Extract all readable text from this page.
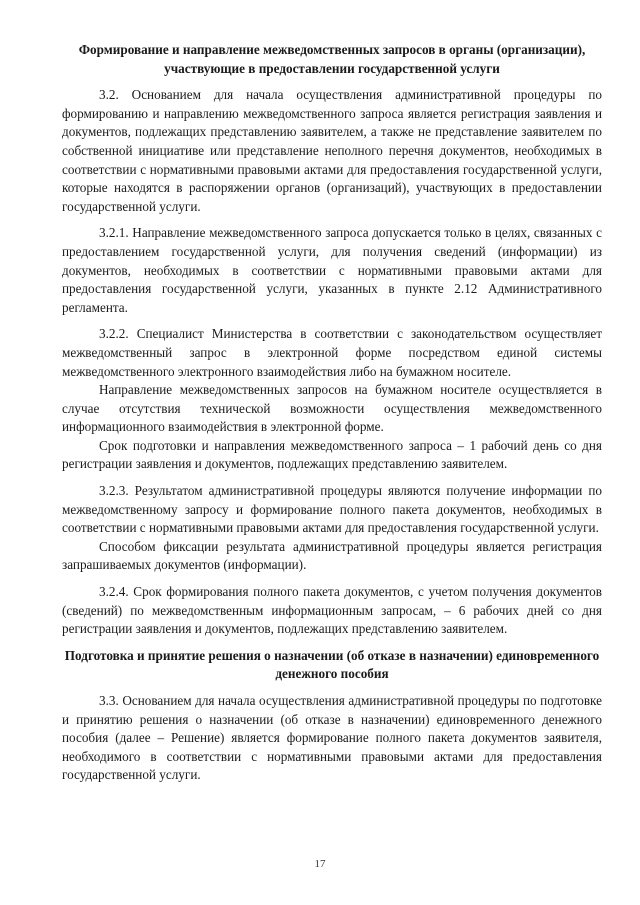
Формирование и направление межведомственных запросов в органы (организации), участвующие в предоставлении государственной услуги

3.2. Основанием для начала осуществления административной процедуры по формированию и направлению межведомственного запроса является регистрация заявления и документов, подлежащих представлению заявителем, а также не представление заявителем по собственной инициативе или представление неполного перечня документов, необходимых в соответствии с нормативными правовыми актами для предоставления государственной услуги, которые находятся в распоряжении органов (организаций), участвующих в предоставлении государственной услуги.

3.2.1. Направление межведомственного запроса допускается только в целях, связанных с предоставлением государственной услуги, для получения сведений (информации) из документов, необходимых в соответствии с нормативными правовыми актами для предоставления государственной услуги, указанных в пункте 2.12 Административного регламента.

3.2.2. Специалист Министерства в соответствии с законодательством осуществляет межведомственный запрос в электронной форме посредством единой системы межведомственного электронного взаимодействия либо на бумажном носителе.

Направление межведомственных запросов на бумажном носителе осуществляется в случае отсутствия технической возможности осуществления межведомственного информационного взаимодействия в электронной форме.

Срок подготовки и направления межведомственного запроса – 1 рабочий день со дня регистрации заявления и документов, подлежащих представлению заявителем.

3.2.3. Результатом административной процедуры являются получение информации по межведомственному запросу и формирование полного пакета документов, необходимых в соответствии с нормативными правовыми актами для предоставления государственной услуги.

Способом фиксации результата административной процедуры является регистрация запрашиваемых документов (информации).

3.2.4. Срок формирования полного пакета документов, с учетом получения документов (сведений) по межведомственным информационным запросам, – 6 рабочих дней со дня регистрации заявления и документов, подлежащих представлению заявителем.

Подготовка и принятие решения о назначении (об отказе в назначении) единовременного денежного пособия

3.3. Основанием для начала осуществления административной процедуры по подготовке и принятию решения о назначении (об отказе в назначении) единовременного денежного пособия (далее – Решение) является формирование полного пакета документов заявителя, необходимого в соответствии с нормативными правовыми актами для предоставления государственной услуги.

17
